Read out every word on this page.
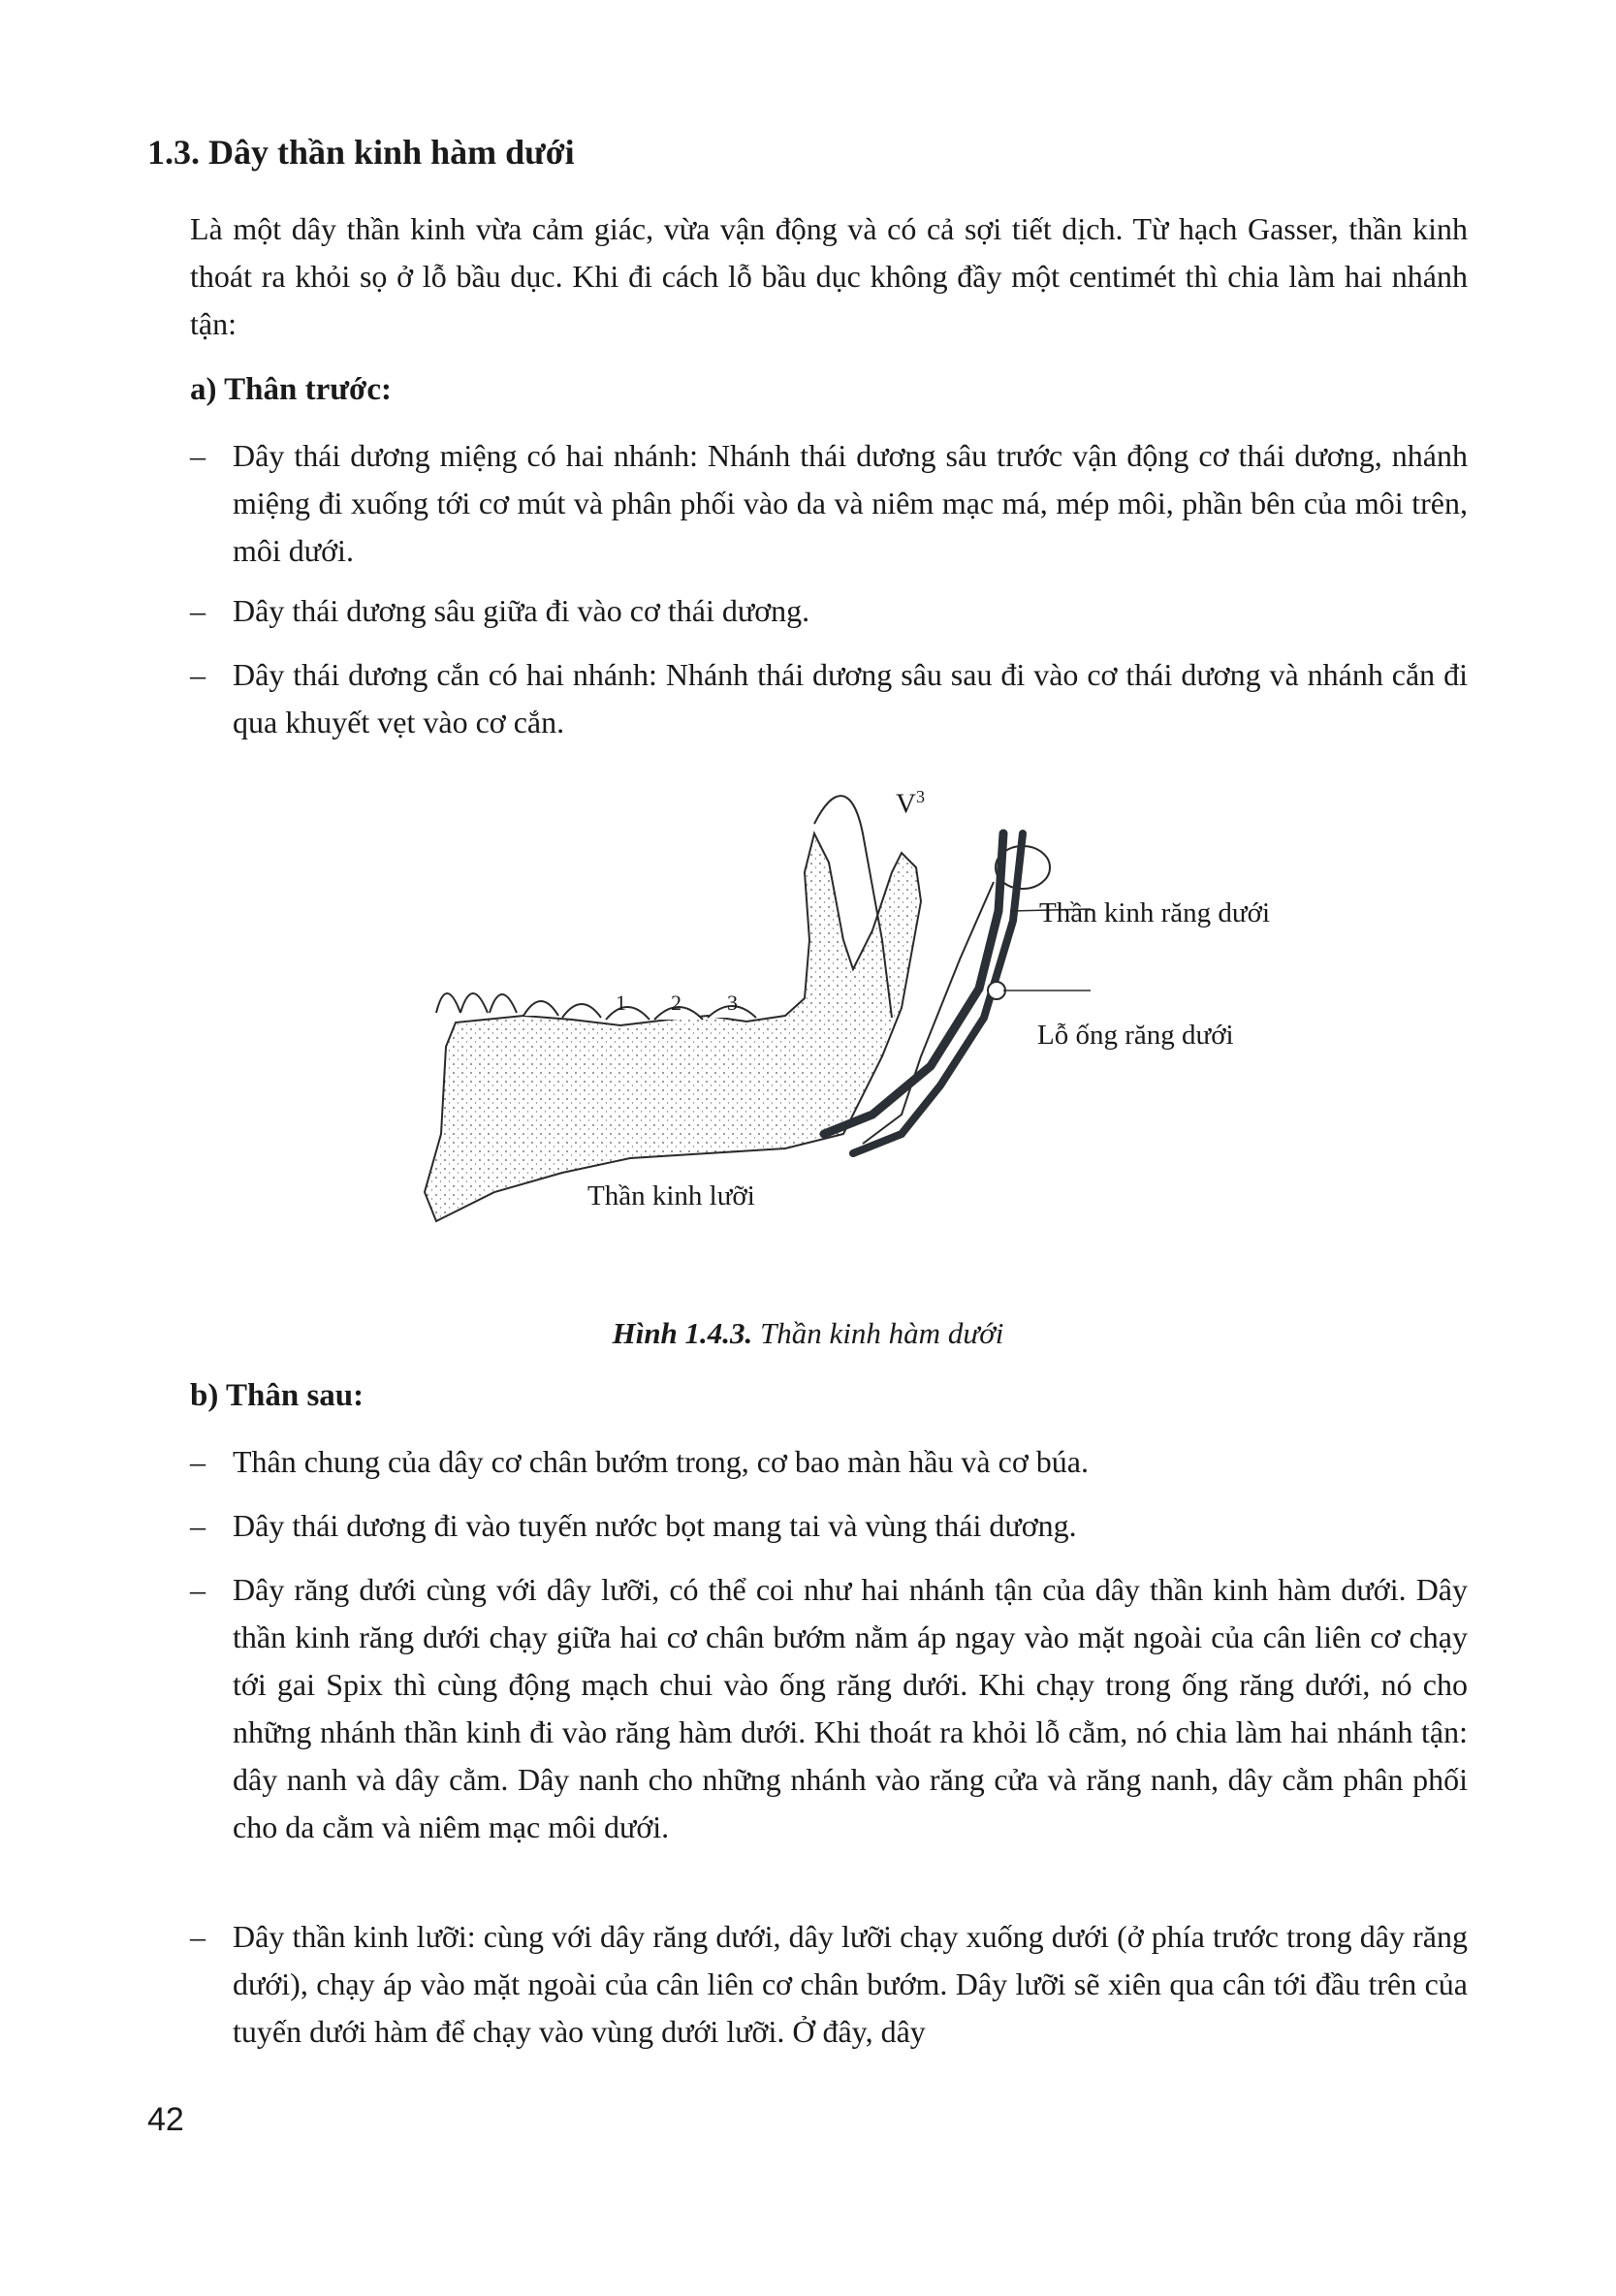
1.3. Dây thần kinh hàm dưới

Là một dây thần kinh vừa cảm giác, vừa vận động và có cả sợi tiết dịch. Từ hạch Gasser, thần kinh thoát ra khỏi sọ ở lỗ bầu dục. Khi đi cách lỗ bầu dục không đầy một centimét thì chia làm hai nhánh tận:

a) Thân trước:
– Dây thái dương miệng có hai nhánh: Nhánh thái dương sâu trước vận động cơ thái dương, nhánh miệng đi xuống tới cơ mút và phân phối vào da và niêm mạc má, mép môi, phần bên của môi trên, môi dưới.
– Dây thái dương sâu giữa đi vào cơ thái dương.
– Dây thái dương cắn có hai nhánh: Nhánh thái dương sâu sau đi vào cơ thái dương và nhánh cắn đi qua khuyết vẹt vào cơ cắn.
1 2 3
$V^3$
Thần kinh răng dưới
Lỗ ống răng dưới
Thần kinh lưỡi
Hình 1.4.3. Thần kinh hàm dưới
b) Thân sau:
– Thân chung của dây cơ chân bướm trong, cơ bao màn hầu và cơ búa.
– Dây thái dương đi vào tuyến nước bọt mang tai và vùng thái dương.
– Dây răng dưới cùng với dây lưỡi, có thể coi như hai nhánh tận của dây thần kinh hàm dưới. Dây thần kinh răng dưới chạy giữa hai cơ chân bướm nằm áp ngay vào mặt ngoài của cân liên cơ chạy tới gai Spix thì cùng động mạch chui vào ống răng dưới. Khi chạy trong ống răng dưới, nó cho những nhánh thần kinh đi vào răng hàm dưới. Khi thoát ra khỏi lỗ cằm, nó chia làm hai nhánh tận: dây nanh và dây cằm. Dây nanh cho những nhánh vào răng cửa và răng nanh, dây cằm phân phối cho da cằm và niêm mạc môi dưới.
– Dây thần kinh lưỡi: cùng với dây răng dưới, dây lưỡi chạy xuống dưới (ở phía trước trong dây răng dưới), chạy áp vào mặt ngoài của cân liên cơ chân bướm. Dây lưỡi sẽ xiên qua cân tới đầu trên của tuyến dưới hàm để chạy vào vùng dưới lưỡi. Ở đây, dây
42
